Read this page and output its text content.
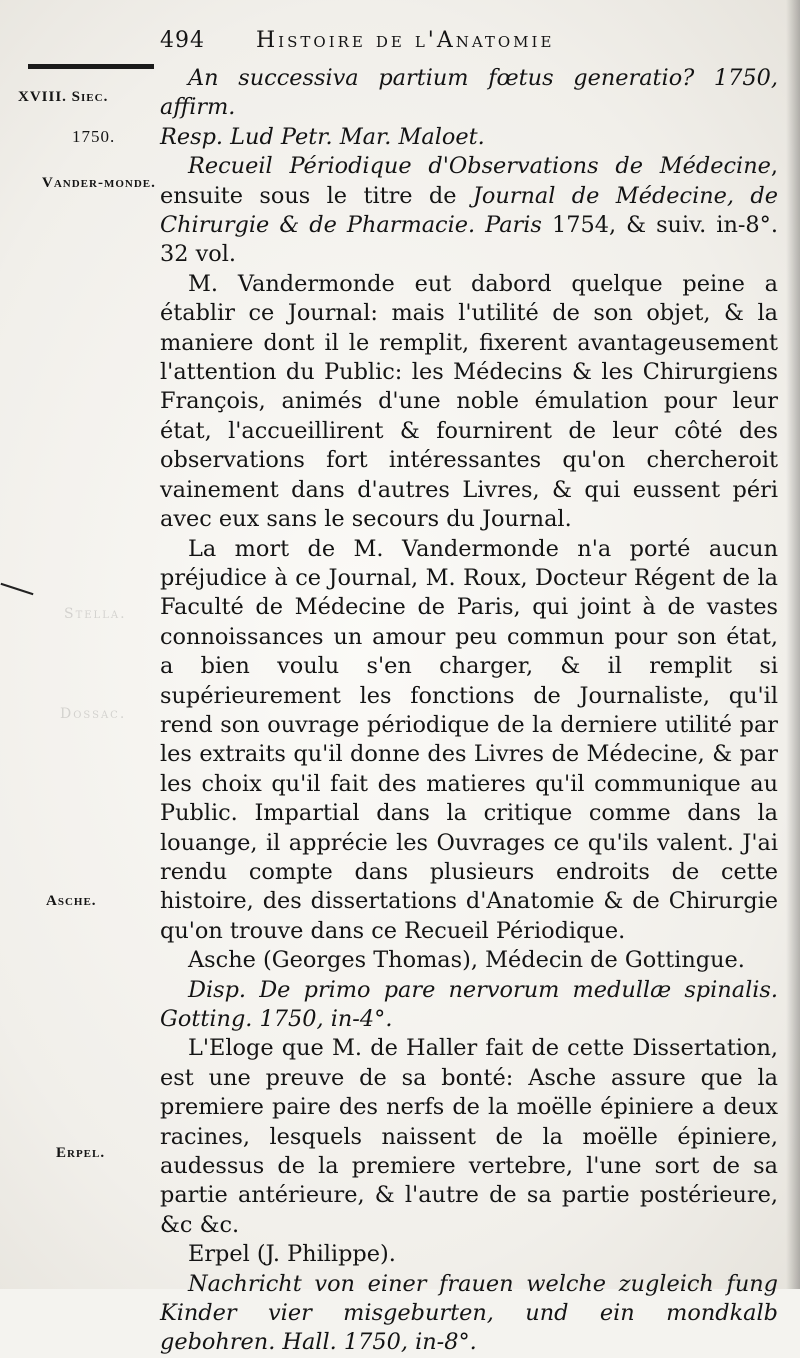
494 Histoire de l'Anatomie
XVIII. Siec.
1750.
Vander-monde.
Asche.
Erpel.
Stella.
Dossac.

An successiva partium fœtus generatio? 1750, affirm.

Resp. Lud Petr. Mar. Maloet.

Recueil Périodique d'Observations de Médecine, ensuite sous le titre de Journal de Médecine, de Chirurgie & de Pharmacie. Paris 1754, & suiv. in-8°. 32 vol.

M. Vandermonde eut dabord quelque peine a établir ce Journal: mais l'utilité de son objet, & la maniere dont il le remplit, fixerent avantageusement l'attention du Public: les Médecins & les Chirurgiens François, animés d'une noble émulation pour leur état, l'accueillirent & fournirent de leur côté des observations fort intéressantes qu'on chercheroit vainement dans d'autres Livres, & qui eussent péri avec eux sans le secours du Journal.

La mort de M. Vandermonde n'a porté aucun préjudice à ce Journal, M. Roux, Docteur Régent de la Faculté de Médecine de Paris, qui joint à de vastes connoissances un amour peu commun pour son état, a bien voulu s'en charger, & il remplit si supérieurement les fonctions de Journaliste, qu'il rend son ouvrage périodique de la derniere utilité par les extraits qu'il donne des Livres de Médecine, & par les choix qu'il fait des matieres qu'il communique au Public. Impartial dans la critique comme dans la louange, il apprécie les Ouvrages ce qu'ils valent. J'ai rendu compte dans plusieurs endroits de cette histoire, des dissertations d'Anatomie & de Chirurgie qu'on trouve dans ce Recueil Périodique.

Asche (Georges Thomas), Médecin de Gottingue.

Disp. De primo pare nervorum medullæ spinalis. Gotting. 1750, in-4°.

L'Eloge que M. de Haller fait de cette Dissertation, est une preuve de sa bonté: Asche assure que la premiere paire des nerfs de la moëlle épiniere a deux racines, lesquels naissent de la moëlle épiniere, audessus de la premiere vertebre, l'une sort de sa partie antérieure, & l'autre de sa partie postérieure, &c &c.

Erpel (J. Philippe).

Nachricht von einer frauen welche zugleich fung Kinder vier misgeburten, und ein mondkalb gebohren. Hall. 1750, in-8°.
